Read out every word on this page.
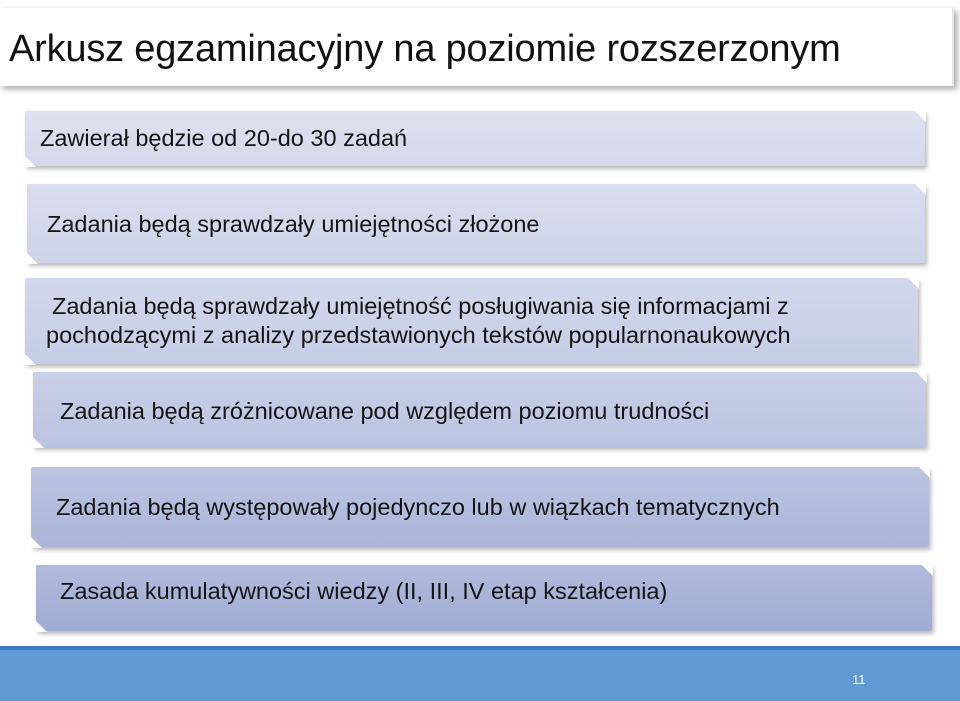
Arkusz egzaminacyjny na poziomie rozszerzonym
Zawierał będzie od 20-do 30 zadań
Zadania będą sprawdzały umiejętności złożone
Zadania będą sprawdzały umiejętność posługiwania się informacjami z
pochodzącymi z analizy przedstawionych tekstów popularnonaukowych
Zadania będą zróżnicowane pod względem poziomu trudności
Zadania będą występowały pojedynczo lub w wiązkach tematycznych
Zasada kumulatywności wiedzy (II, III, IV etap kształcenia)
11
